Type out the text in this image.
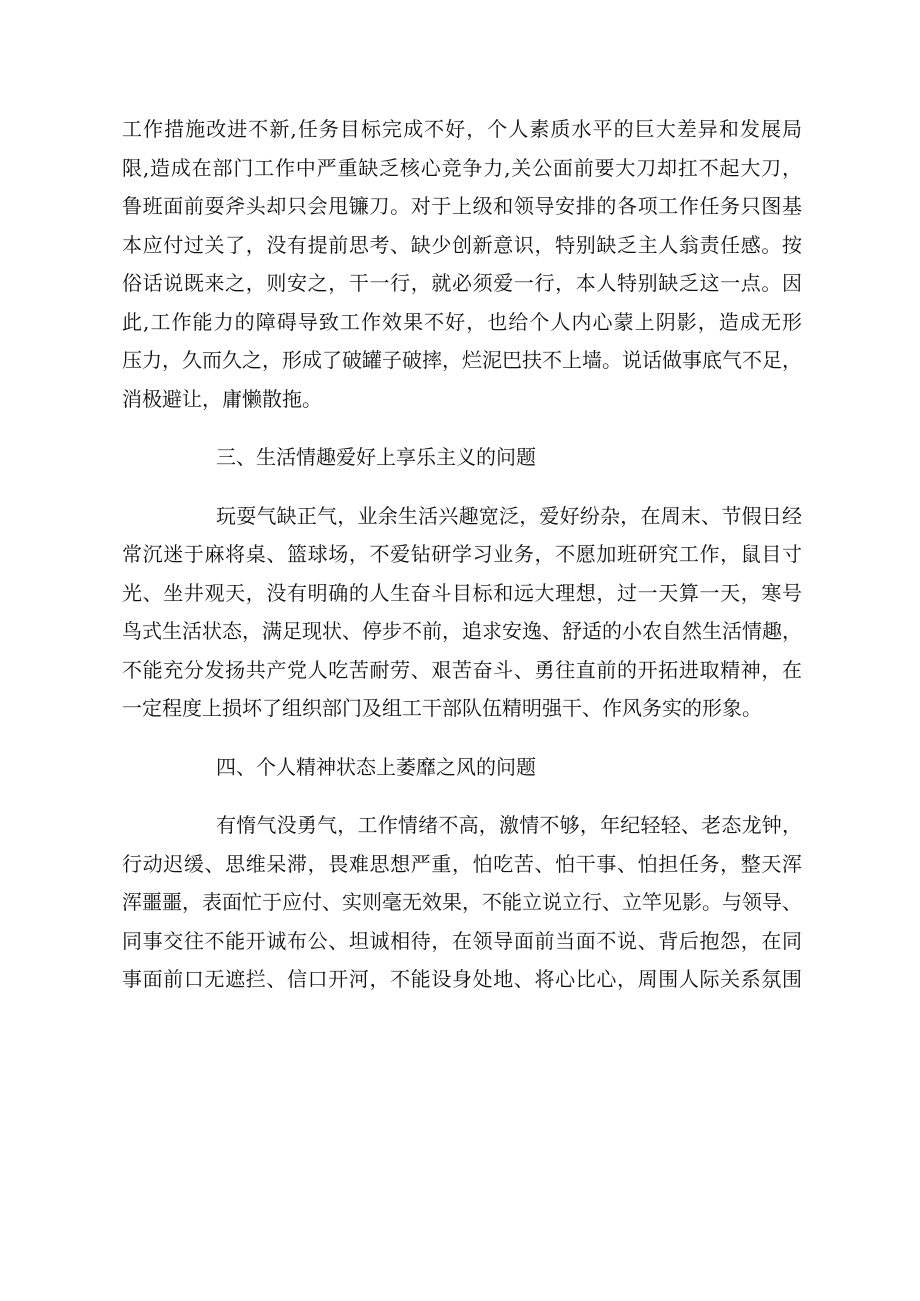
工作措施改进不新,任务目标完成不好，个人素质水平的巨大差异和发展局
限,造成在部门工作中严重缺乏核心竞争力,关公面前要大刀却扛不起大刀，
鲁班面前耍斧头却只会甩镰刀。对于上级和领导安排的各项工作任务只图基
本应付过关了，没有提前思考、缺少创新意识，特别缺乏主人翁责任感。按
俗话说既来之，则安之，干一行，就必须爱一行，本人特别缺乏这一点。因
此,工作能力的障碍导致工作效果不好，也给个人内心蒙上阴影，造成无形
压力，久而久之，形成了破罐子破摔，烂泥巴扶不上墙。说话做事底气不足，
消极避让，庸懒散拖。
三、生活情趣爱好上享乐主义的问题
玩耍气缺正气，业余生活兴趣宽泛，爱好纷杂，在周末、节假日经
常沉迷于麻将桌、篮球场，不爱钻研学习业务，不愿加班研究工作，鼠目寸
光、坐井观天，没有明确的人生奋斗目标和远大理想，过一天算一天，寒号
鸟式生活状态，满足现状、停步不前，追求安逸、舒适的小农自然生活情趣，
不能充分发扬共产党人吃苦耐劳、艰苦奋斗、勇往直前的开拓进取精神，在
一定程度上损坏了组织部门及组工干部队伍精明强干、作风务实的形象。
四、个人精神状态上萎靡之风的问题
有惰气没勇气，工作情绪不高，激情不够，年纪轻轻、老态龙钟，
行动迟缓、思维呆滞，畏难思想严重，怕吃苦、怕干事、怕担任务，整天浑
浑噩噩，表面忙于应付、实则毫无效果，不能立说立行、立竿见影。与领导、
同事交往不能开诚布公、坦诚相待，在领导面前当面不说、背后抱怨，在同
事面前口无遮拦、信口开河，不能设身处地、将心比心，周围人际关系氛围
